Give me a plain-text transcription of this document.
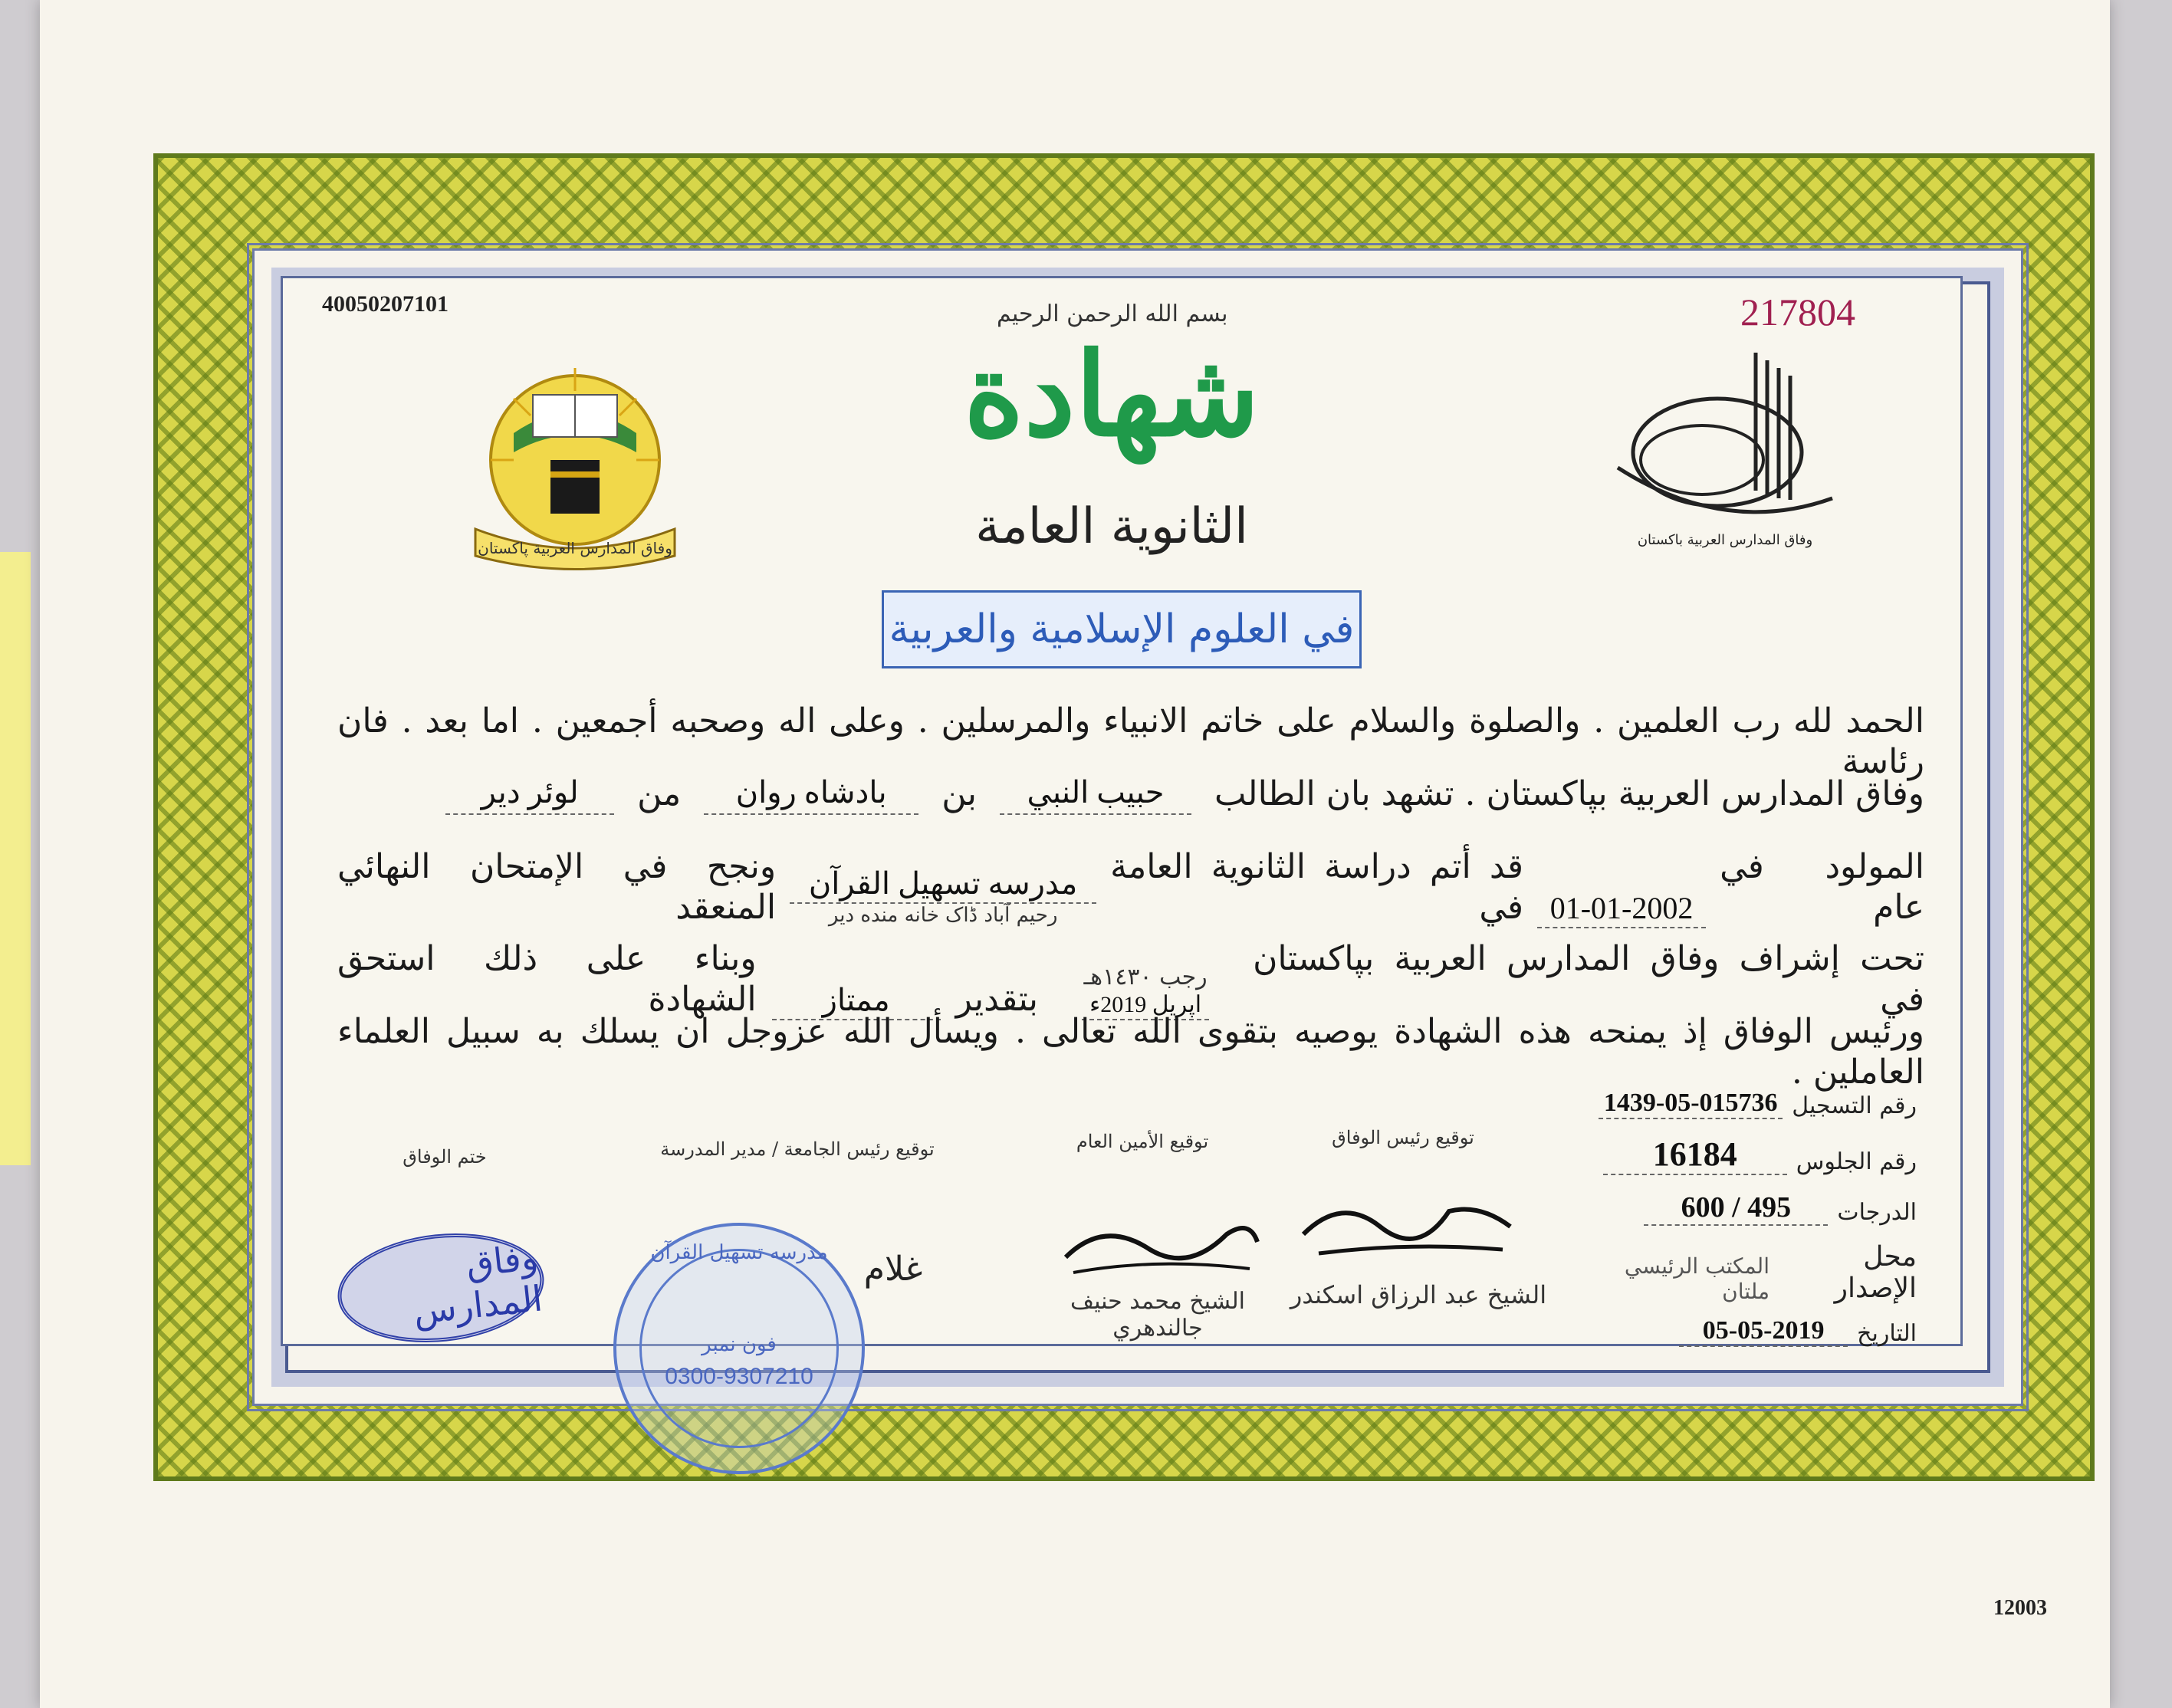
40050207101	217804
بسم الله الرحمن الرحيم
شهادة
الثانوية العامة
في العلوم الإسلامية والعربية
وفاق المدارس العربية پاكستان	وفاق المدارس العربية باكستان
الحمد لله رب العلمين . والصلوة والسلام على خاتم الانبياء والمرسلين . وعلى اله وصحبه أجمعين . اما بعد . فان رئاسة
وفاق المدارس العربية بپاكستان . تشهد بان الطالب
حبيب النبي
بن
بادشاه روان
من
لوئر دير
المولود في عام
01-01-2002
قد أتم دراسة الثانوية العامة في
مدرسه تسهيل القرآن
رحيم آباد ڈاک خانه منده دير
ونجح في الإمتحان النهائي المنعقد
تحت إشراف وفاق المدارس العربية بپاكستان في
رجب ١٤٣٠هـ
اپريل 2019ء
بتقدير
ممتاز
وبناء على ذلك استحق الشهادة
ورئيس الوفاق إذ يمنحه هذه الشهادة يوصيه بتقوى الله تعالى . ويسأل الله عزوجل ان يسلك به سبيل العلماء العاملين .
رقم التسجيل
1439-05-015736
رقم الجلوس
16184
الدرجات
495 / 600
محل الإصدار
المكتب الرئيسي ملتان
التاريخ
05-05-2019
توقيع رئيس الوفاق
توقيع الأمين العام
توقيع رئيس الجامعة / مدير المدرسة
ختم الوفاق
الشيخ عبد الرزاق اسكندر
الشيخ محمد حنيف جالندهري
غلام
وفاق المدارس
مدرسه تسهيل القرآن
فون نمبر
0300-9307210
12003
